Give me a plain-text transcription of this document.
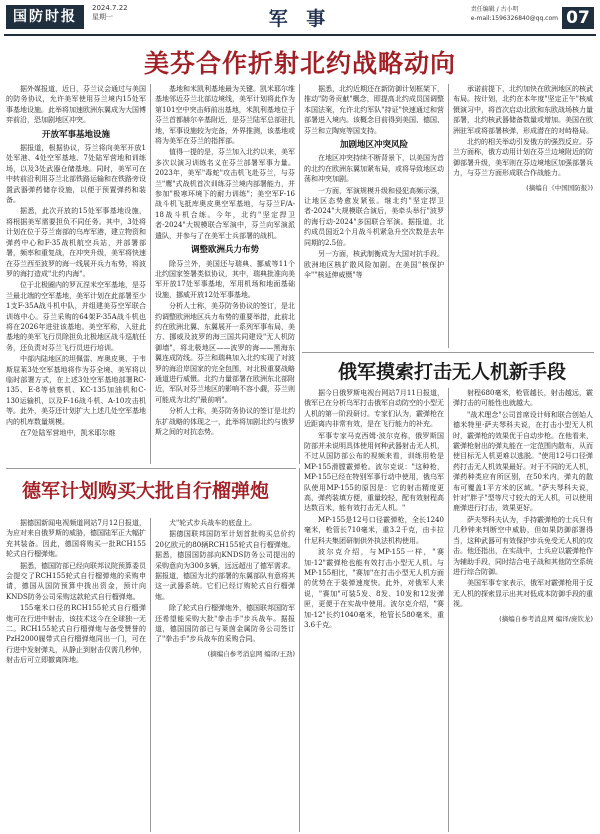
国防时报
2024.7.22
星期一	军 事	责任编辑 / 古小明
e-mail:1596326840@qq.com 07
美芬合作折射北约战略动向

据外媒报道，近日，芬兰议会通过与美国的防务协议，允许美军使用芬兰境内15处军事基地设施。此举将加速欧洲东翼成为大国博弈前沿，恐加剧地区冲突。

开放军事基地设施

据报道，根据协议，芬兰将向美军开放1处军港、4处空军基地、7处陆军营地和训练场，以及3处武器仓储基地。同时，美军可在中转前沿利用芬兰北部铁路运输和在铁路旁设置武器弹药储存设施，以便于预置弹药和装备。

据悉，此次开放的15处军事基地设施，将根据美军需要担负不同任务。其中，3处将计划在位于芬兰南部的乌库军港，建立物资和弹药中心和F-35战机航空兵站，并部署部署，频率和重复战，在冲突升级，美军将快速在芬兰西至波罗的海一线展开兵力布势，将波罗的海打造成"北约内海"。

位于北极圈内的罗瓦涅米空军基地，是芬兰最北端的空军基地，美军计划在此部署至少1支F-35A战斗机中队，并组建美芬空军联合训练中心。芬兰采购的64架F-35A战斗机也将在2026年进驻该基地。美空军称，入驻此基地的美军飞行员除担负北极地区战斗巡航任务，还负责对芬兰飞行员进行培训。

中部内陆地区的坦佩雷、库奥皮奥、于韦斯屈莱3处空军基地将作为芬全境、美军将以临时部署方式，在上述3处空军基地部署RC-135、E-8等侦察机、KC-135加油机和C-130运输机，以及F-16战斗机、A-10攻击机等。此外，美芬还计划扩大上述几处空军基地内的机库数量规模。

在7处陆军营地中，凯米耶尔维

基地和米凯利基地最为关键。凯米耶尔维基地邻近芬兰北部边境线，美军计划将此作为第101空中突击师前出基地，米凯利基地位于芬兰首都赫尔辛基附近，是芬兰陆军总部驻扎地，军事设施较为完备，外界推测，该基地或将为美军在芬兰的指挥部。

值得一提的是，芬兰加入北约以来，美军多次以演习训练名义在芬兰部署军事力量。2023年，美军"毒蛇"攻击机飞赴芬兰，与芬兰"鹰"式战机首次训练芬兰境内部署能力，并参加"极寒环境下的耐力训练"；美空军F-16战斗机飞抵库奥皮奥空军基地，与芬兰F/A-18战斗机合练。今年，北约"坚定捍卫者-2024"大规模联合军演中，芬兰向军演派遣队，并参与了在美军士兵部署的战机。

调整欧洲兵力布势

除芬兰外，美国还与瑞典、挪威等11个北约国家签署类似协议，其中，瑞典批准向美军开放17处军事基地，军用机场和地面基础设施，挪威开放12处军事基地。

分析人士称，美芬防务协议的签订，是北约调整欧洲地区兵力布势的重要举措，此前北约在欧洲北翼、东翼展开一系列军事布局，美方、挪威及波罗的海三国共同建设"无人机防御墙"，将北极地区——波罗的海——黑海东翼连成防线。芬兰和瑞典加入北约实现了对波罗的海沿岸国家的完全包围，对北极重要战略通道进行威慑。北约力量部署在欧洲东北部附近，军队对芬兰地区的影响不容小觑，芬兰则可能成为北约"最前哨"。

分析人士称，美芬防务协议的签订是北约东扩战略的体现之一，此举将加剧北约与俄罗斯之间的对抗态势。

据悉，北约近期还在新防御计划框架下，推动"防务贡献"概念，即提高北约成员国调整本国法案，允许北约军队"持证"快速通过和营部署进入境内。该概念目前得到美国、德国、芬兰和立陶宛等国支持。

加剧地区冲突风险

在地区冲突持续不断背景下，以美国为首的北约在欧洲东翼加紧布局，或将导致地区动荡和冲突加剧。

一方面，军演规模升级和侵犯高频示强，让地区态势愈发紧张。继北约"坚定捍卫者-2024"大规模联合演后，美牵头举行"波罗的海行动-2024"多国联合军演。据报道，北约成员国近2个月战斗机紧急升空次数是去年同期的2.5倍。

另一方面，核武制衡成为大国对抗手段。欧洲地区核扩散风险加剧。在美国"核保护伞""核延伸威慑"等

承诺前提下，北约加快在欧洲地区的核武布局。按计划，北约在本年度"坚定正午"核威慑演习中，将首次启动北欧和东欧战场核力量部署，北约核武器储备数量或增加。美国在欧洲驻军或将部署核弹，形成潜在的对峙格局。

北约的相关举动引发俄方的强烈反应。芬兰方面称，俄方动用计划在芬兰边境附近的防御部署升级，美军则在芬边境地区加强部署兵力，与芬兰方面形成联合作战能力。

(摘编自《中国国防报》)
俄军摸索打击无人机新手段

据今日俄罗斯电视台网站7月11日报道，俄军已在分析乌军打击俄军自动防空的小型无人机的第一阶段研讨。专家们认为，霰弹枪在近距离内非常有效，是在飞行能力的补充。

军事专家马克西姆·波尔克称，俄罗斯国防部并未说明具体使用何种武器射击无人机，不过从国防部公布的视频来看，训练用枪是MP-155滑膛霰弹枪。波尔克说："这种枪，MP-155已经在特别军事行动中使用，俄乌军队使用MP-155的原因是：它的射击精度更高，弹药装填方便，重量较轻，配有效射程高达数百米，能有效打击无人机。"

MP-155是12号口径霰弹枪，全长1240毫米，枪管长710毫米，重3.2千克，由卡拉什尼科夫集团研制供外执法机构使用。

波尔克介绍，与MP-155一样，"赛加-12"霰弹枪也能有效打击小型无人机。与MP-155相比，"赛加"在打击小型无人机方面的优势在于装弹速度快。此外，对俄军人来说，"赛加"可装5发、8发、10发和12发弹匣，更便于在实战中使用。波尔克介绍，"赛加-12"长约1040毫米，枪管长580毫米，重3.6千克。

射程680毫米，枪管越长，射击越远，霰弹打击的可能性也就越大。

"战术理念"公司首席设计师和联合创始人德米特里·萨夫琴科夫说，在打击小型无人机时，霰弹枪的效果优于自动步枪。在他看来，霰弹枪射出的弹丸能在一定范围内散布，从而使目标无人机更难以逃脱。"使用12号口径弹药打击无人机效果最好。对于不同的无人机，弹药种类应有所区别，在50米内，弹丸的散布可覆盖1平方米的区域。"萨夫琴科夫说，针对"胖子"型等尺寸较大的无人机，可以使用鹿弹进行打击，效果更好。

萨夫琴科夫认为，手持霰弹枪的士兵只有几秒钟来判断空中威胁，但如果防御部署得当，这种武器可有效保护步兵免受无人机的攻击。他还指出，在实战中，士兵应以霰弹枪作为辅助手段，同时结合电子战和其他防空系统进行综合防御。

美国军事专家表示，俄军对霰弹枪用于反无人机的探索显示出其对低成本防御手段的重视。

(摘编自参考消息网 编译/庞钦龙)
德军计划购买大批自行榴弹炮

据德国新闻电视频道网站7月12日报道，为应对来自俄罗斯的威胁，德国陆军正大幅扩充其装备。因此，德国将购买一批RCH155轮式自行榴弹炮。

据悉，德国防部已经向联邦议院预算委员会提交了RCH155轮式自行榴弹炮的采购申请，德国从国防预算中拨出资金，预计向KNDS防务公司采购这款轮式自行榴弹炮。

155毫米口径的RCH155轮式自行榴弹炮可在行进中射击，该技术这今在全球独一无二。RCH155轮式自行榴弹炮与备受赞誉的PzH2000履带式自行榴弹炮同出一门，可在行进中发射弹丸，从静止到射击仅需几秒钟，射击后可立即撤离阵地。

犬"轮式步兵战车的底盘上。

据德国联邦国防军计划首批购买总价约20亿欧元的80辆RCH155轮式自行榴弹炮。据悉，德国国防部向KNDS防务公司提出的采购意向为300多辆，远远超出了德军需求。据报道，德国为北约部署的东翼部队有意将其这一武器系统。它们已经订购轮式自行榴弹炮。

除了轮式自行榴弹炮外，德国联邦国防军还希望能采购大批"拳击手"步兵战车。据报道，德国国防部已与莱茵金属防务公司签订了"拳击手"步兵战车的采购合同。

(摘编自参考消息网 编译/王劲)
